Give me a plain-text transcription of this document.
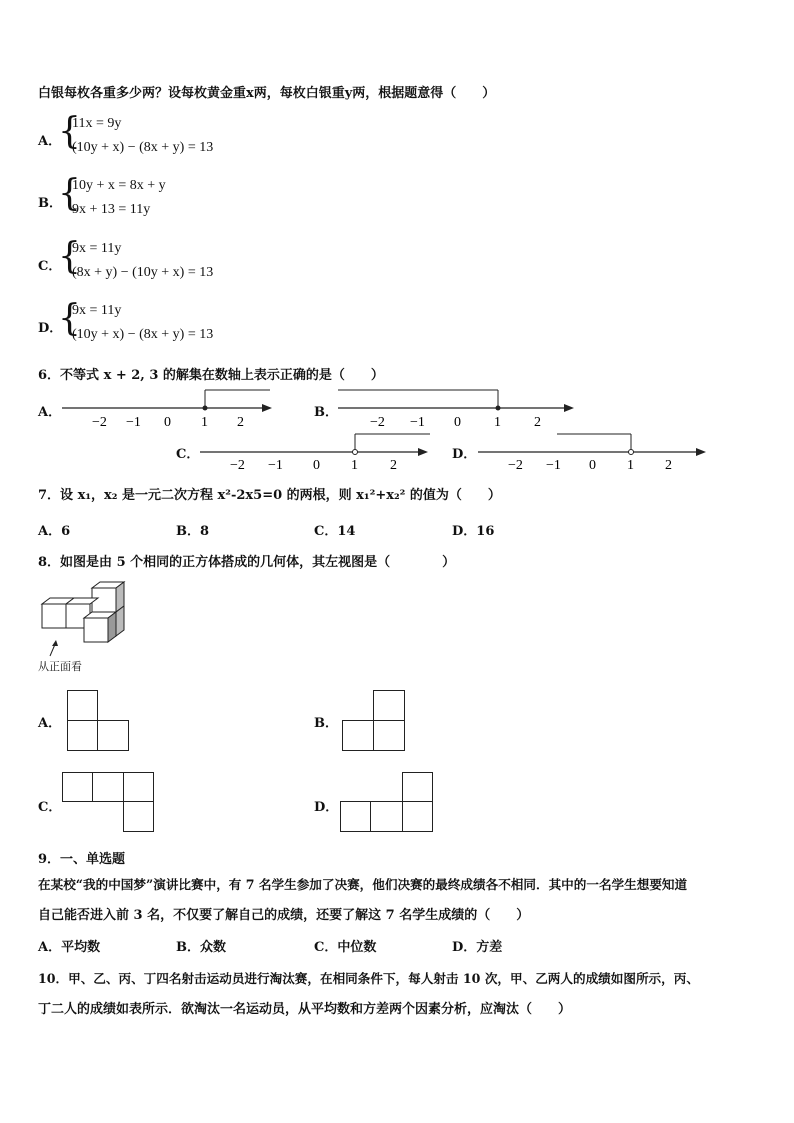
白银每枚各重多少两？设每枚黄金重x两，每枚白银重y两，根据题意得（　　）
A．
{
11x = 9y
(10y + x) − (8x + y) = 13
B．
{
10y + x = 8x + y
9x + 13 = 11y
C．
{
9x = 11y
(8x + y) − (10y + x) = 13
D．
{
9x = 11y
(10y + x) − (8x + y) = 13
6．不等式 x + 2, 3 的解集在数轴上表示正确的是（　　）
A．	B．
C．	D．
−2 −1 0 1 2	−2 −1 0 1 2
−2 −1 0 1 2	−2 −1 0 1 2
7．设 x₁，x₂ 是一元二次方程 x²-2x5=0 的两根，则 x₁²+x₂² 的值为（　　）
A．6	B．8	C．14	D．16
8．如图是由 5 个相同的正方体搭成的几何体，其左视图是（　　　　）
从正面看
A．	B．
C．	D．
9．一、单选题
在某校“我的中国梦”演讲比赛中，有 7 名学生参加了决赛，他们决赛的最终成绩各不相同．其中的一名学生想要知道
自己能否进入前 3 名，不仅要了解自己的成绩，还要了解这 7 名学生成绩的（　　）
A．平均数	B．众数	C．中位数	D．方差
10．甲、乙、丙、丁四名射击运动员进行淘汰赛，在相同条件下，每人射击 10 次，甲、乙两人的成绩如图所示，丙、
丁二人的成绩如表所示．欲淘汰一名运动员，从平均数和方差两个因素分析，应淘汰（　　）
